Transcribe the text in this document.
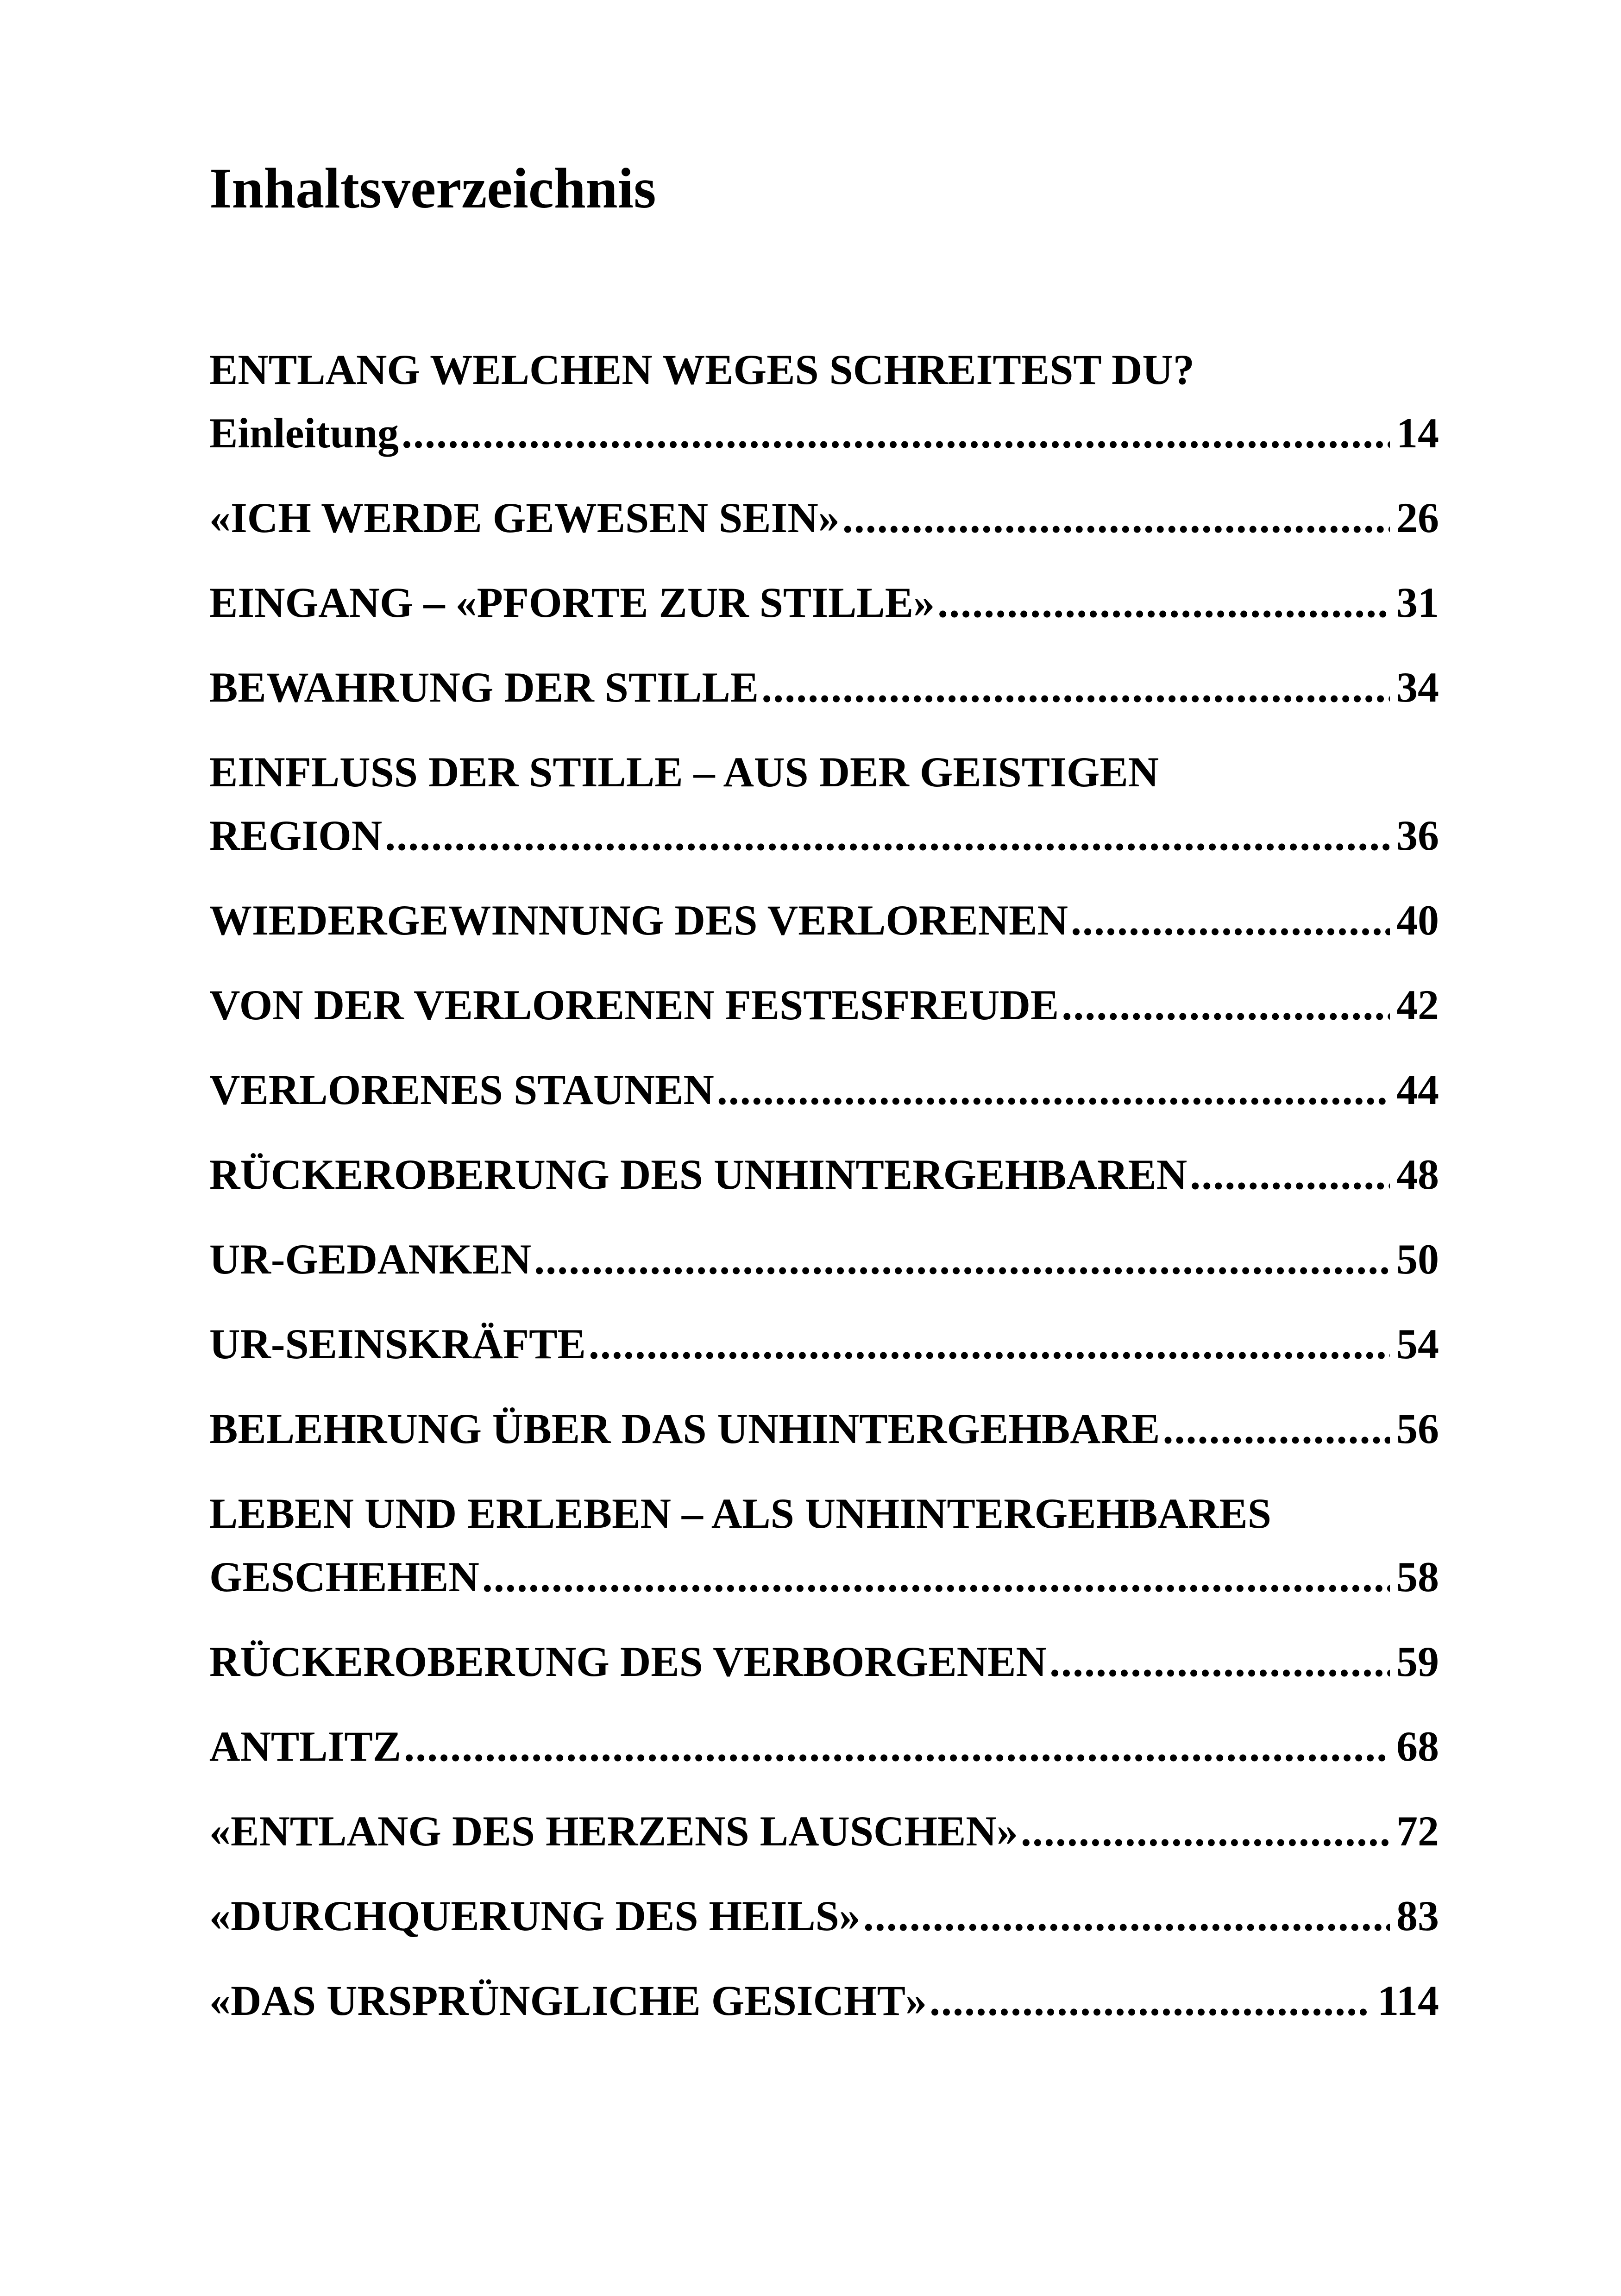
Inhaltsverzeichnis
ENTLANG WELCHEN WEGES SCHREITEST DU?
Einleitung .....	14
«ICH WERDE GEWESEN SEIN» .....	26
EINGANG – «PFORTE ZUR STILLE» .....	31
BEWAHRUNG DER STILLE .....	34
EINFLUSS DER STILLE – AUS DER GEISTIGEN
REGION .....	36
WIEDERGEWINNUNG DES VERLORENEN .....	40
VON DER VERLORENEN FESTESFREUDE .....	42
VERLORENES STAUNEN .....	44
RÜCKEROBERUNG DES UNHINTERGEHBAREN .....	48
UR-GEDANKEN .....	50
UR-SEINSKRÄFTE .....	54
BELEHRUNG ÜBER DAS UNHINTERGEHBARE .....	56
LEBEN UND ERLEBEN – ALS UNHINTERGEHBARES
GESCHEHEN .....	58
RÜCKEROBERUNG DES VERBORGENEN .....	59
ANTLITZ .....	68
«ENTLANG DES HERZENS LAUSCHEN» .....	72
«DURCHQUERUNG DES HEILS» .....	83
«DAS URSPRÜNGLICHE GESICHT» .....	114
